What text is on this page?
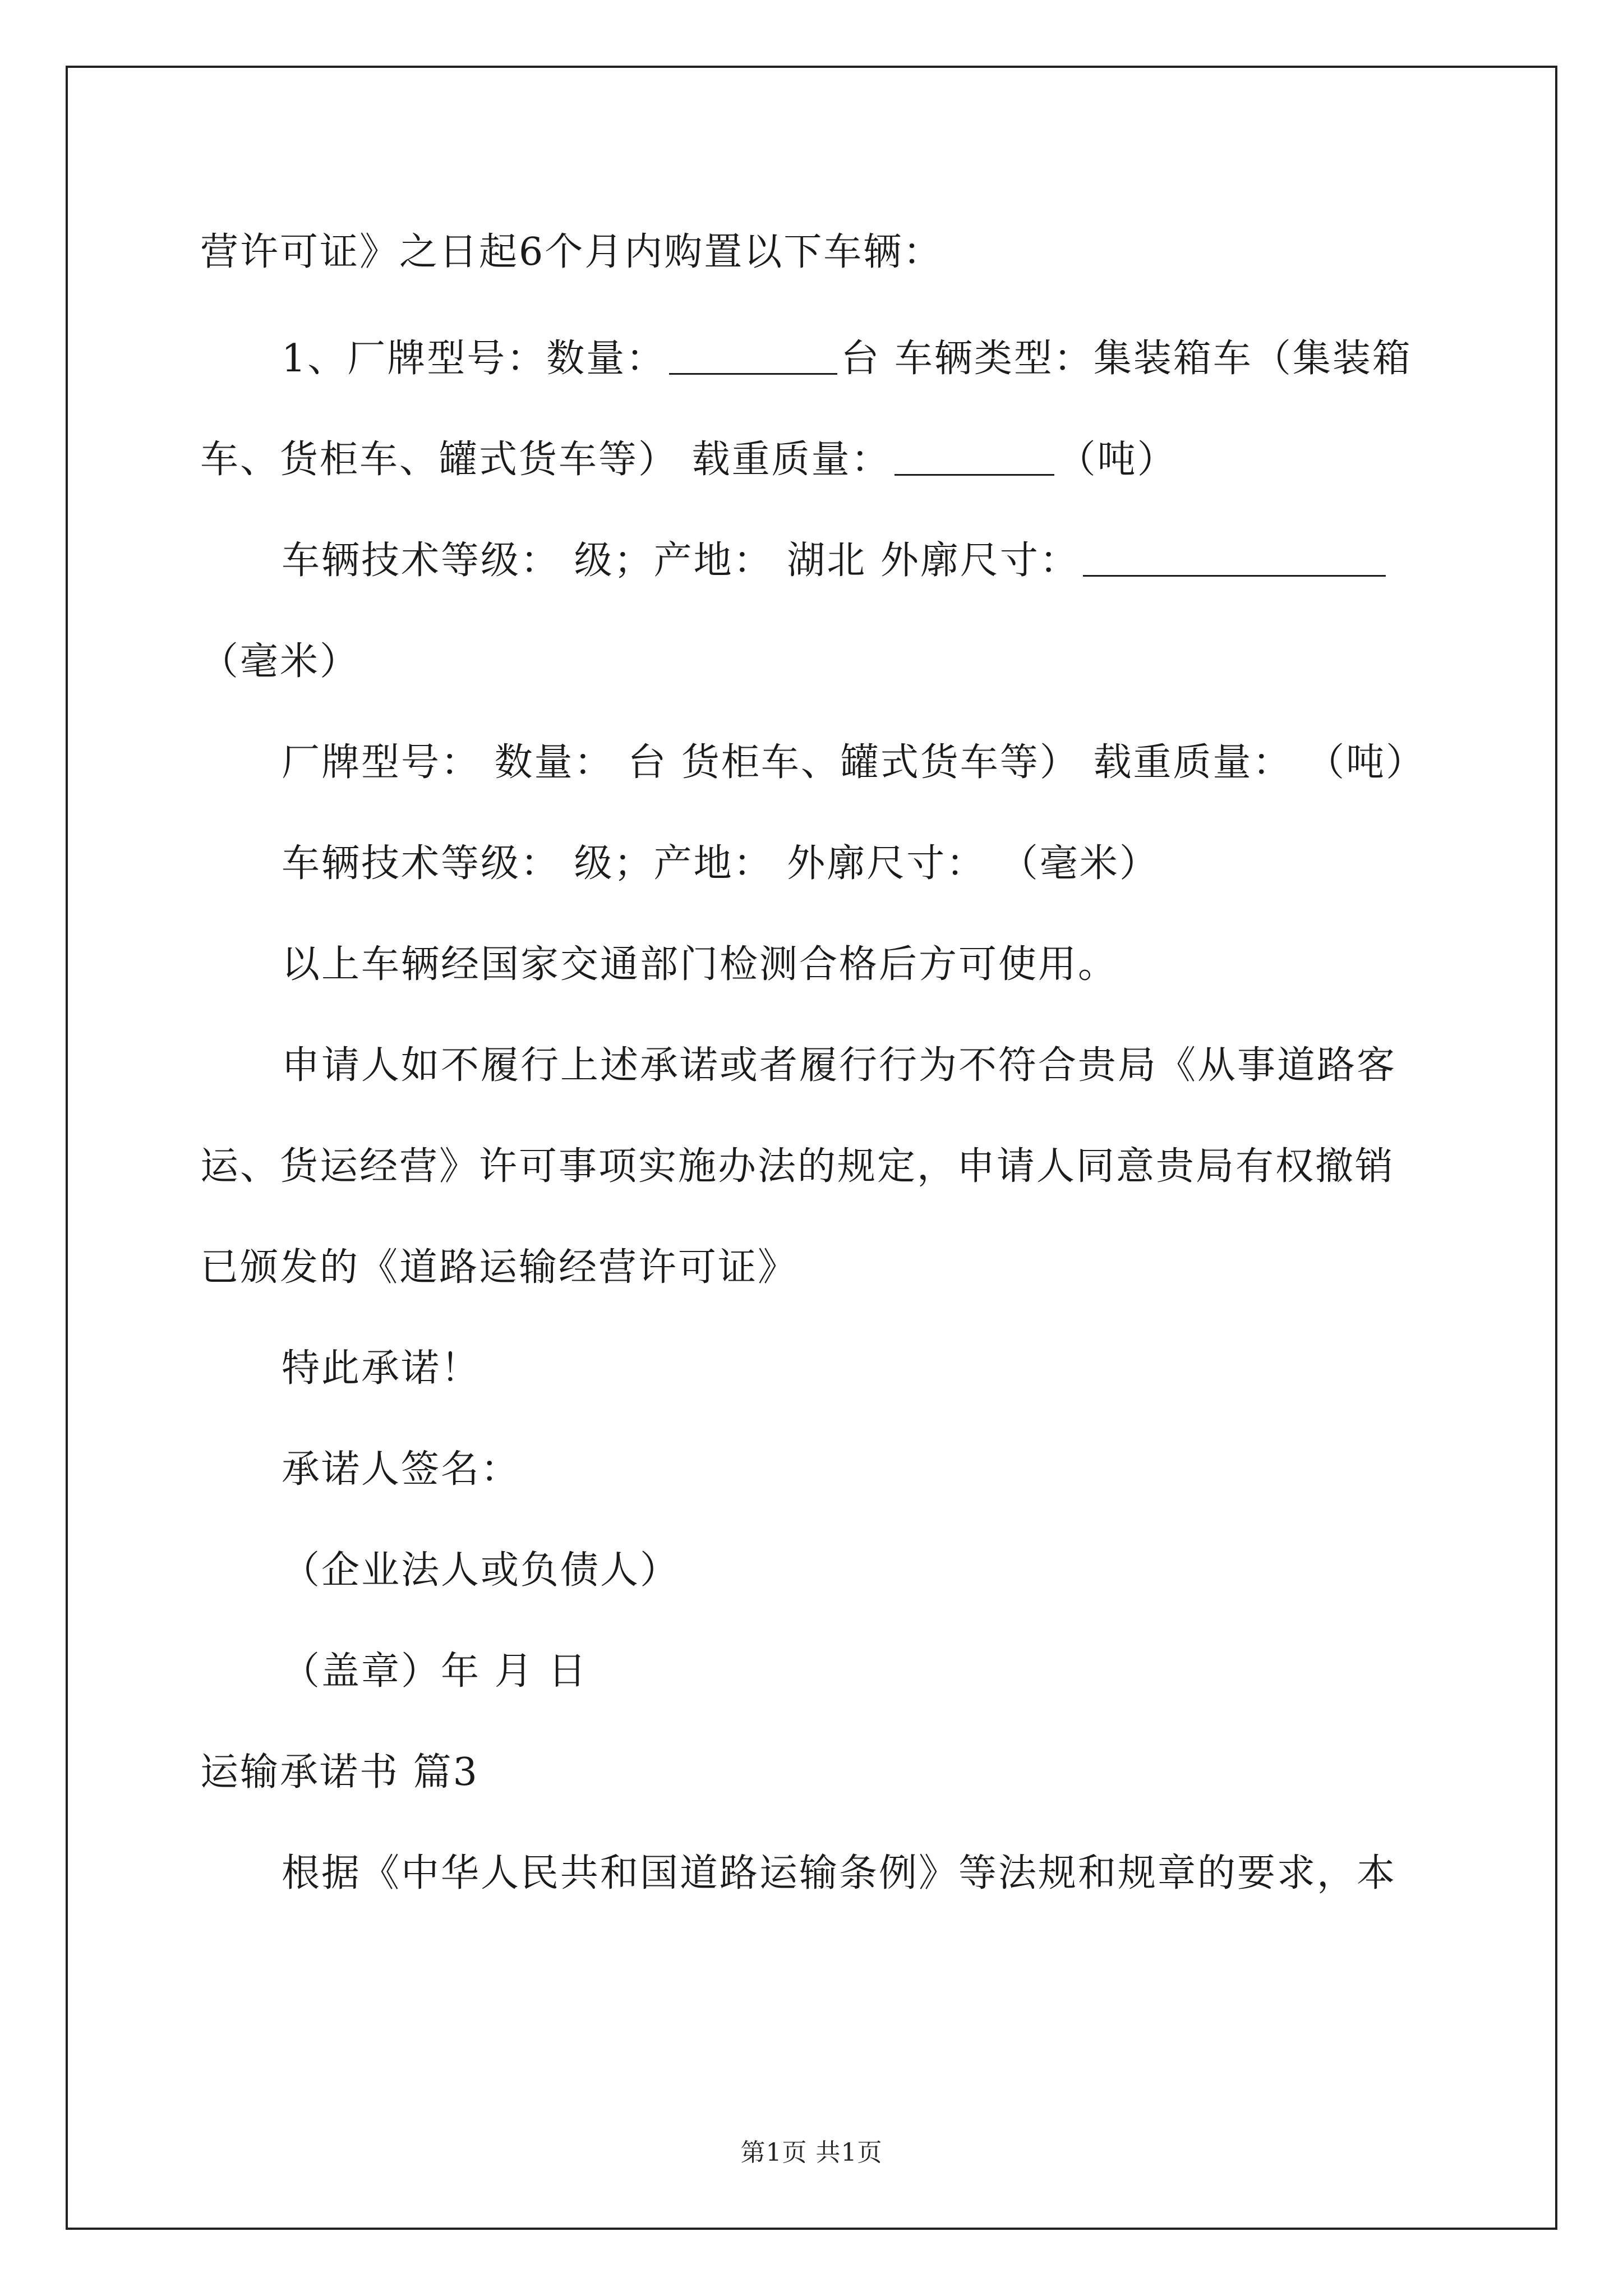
营许可证》之日起6个月内购置以下车辆：
1、厂牌型号：数量：	台 车辆类型：集装箱车（集装箱
车、货柜车、罐式货车等） 载重质量：	（吨）
车辆技术等级： 级；产地： 湖北 外廓尺寸：
（毫米）
厂牌型号： 数量： 台 货柜车、罐式货车等） 载重质量： （吨）
车辆技术等级： 级；产地： 外廓尺寸： （毫米）
以上车辆经国家交通部门检测合格后方可使用。
申请人如不履行上述承诺或者履行行为不符合贵局《从事道路客
运、货运经营》许可事项实施办法的规定，申请人同意贵局有权撤销
已颁发的《道路运输经营许可证》
特此承诺！
承诺人签名：
（企业法人或负债人）
（盖章）年 月 日
运输承诺书 篇3
根据《中华人民共和国道路运输条例》等法规和规章的要求，本
第1页 共1页
